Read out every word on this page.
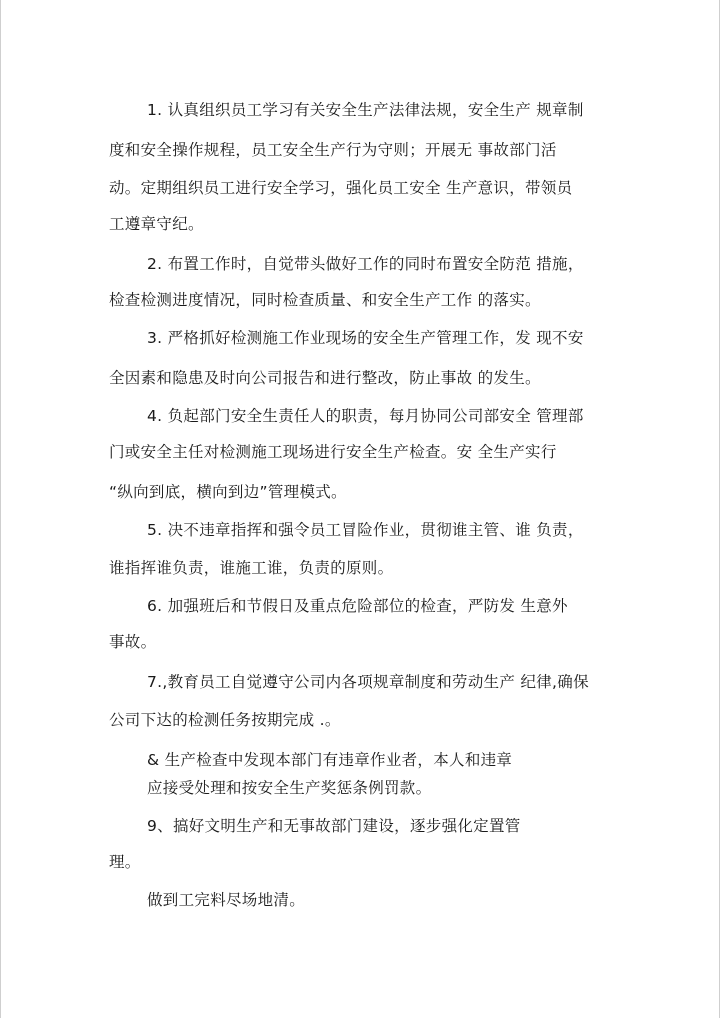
1. 认真组织员工学习有关安全生产法律法规，安全生产 规章制
度和安全操作规程，员工安全生产行为守则；开展无 事故部门活
动。定期组织员工进行安全学习，强化员工安全 生产意识，带领员
工遵章守纪。
2. 布置工作时，自觉带头做好工作的同时布置安全防范 措施，
检查检测进度情况，同时检查质量、和安全生产工作 的落实。
3. 严格抓好检测施工作业现场的安全生产管理工作，发 现不安
全因素和隐患及时向公司报告和进行整改，防止事故 的发生。
4. 负起部门安全生责任人的职责，每月协同公司部安全 管理部
门或安全主任对检测施工现场进行安全生产检查。安 全生产实行
“纵向到底，横向到边”管理模式。
5. 决不违章指挥和强令员工冒险作业，贯彻谁主管、谁 负责，
谁指挥谁负责，谁施工谁，负责的原则。
6. 加强班后和节假日及重点危险部位的检查，严防发 生意外
事故。
7.,教育员工自觉遵守公司内各项规章制度和劳动生产 纪律,确保
公司下达的检测任务按期完成 .。
& 生产检查中发现本部门有违章作业者，本人和违章
应接受处理和按安全生产奖惩条例罚款。
9、搞好文明生产和无事故部门建设，逐步强化定置管
理。
做到工完料尽场地清。
